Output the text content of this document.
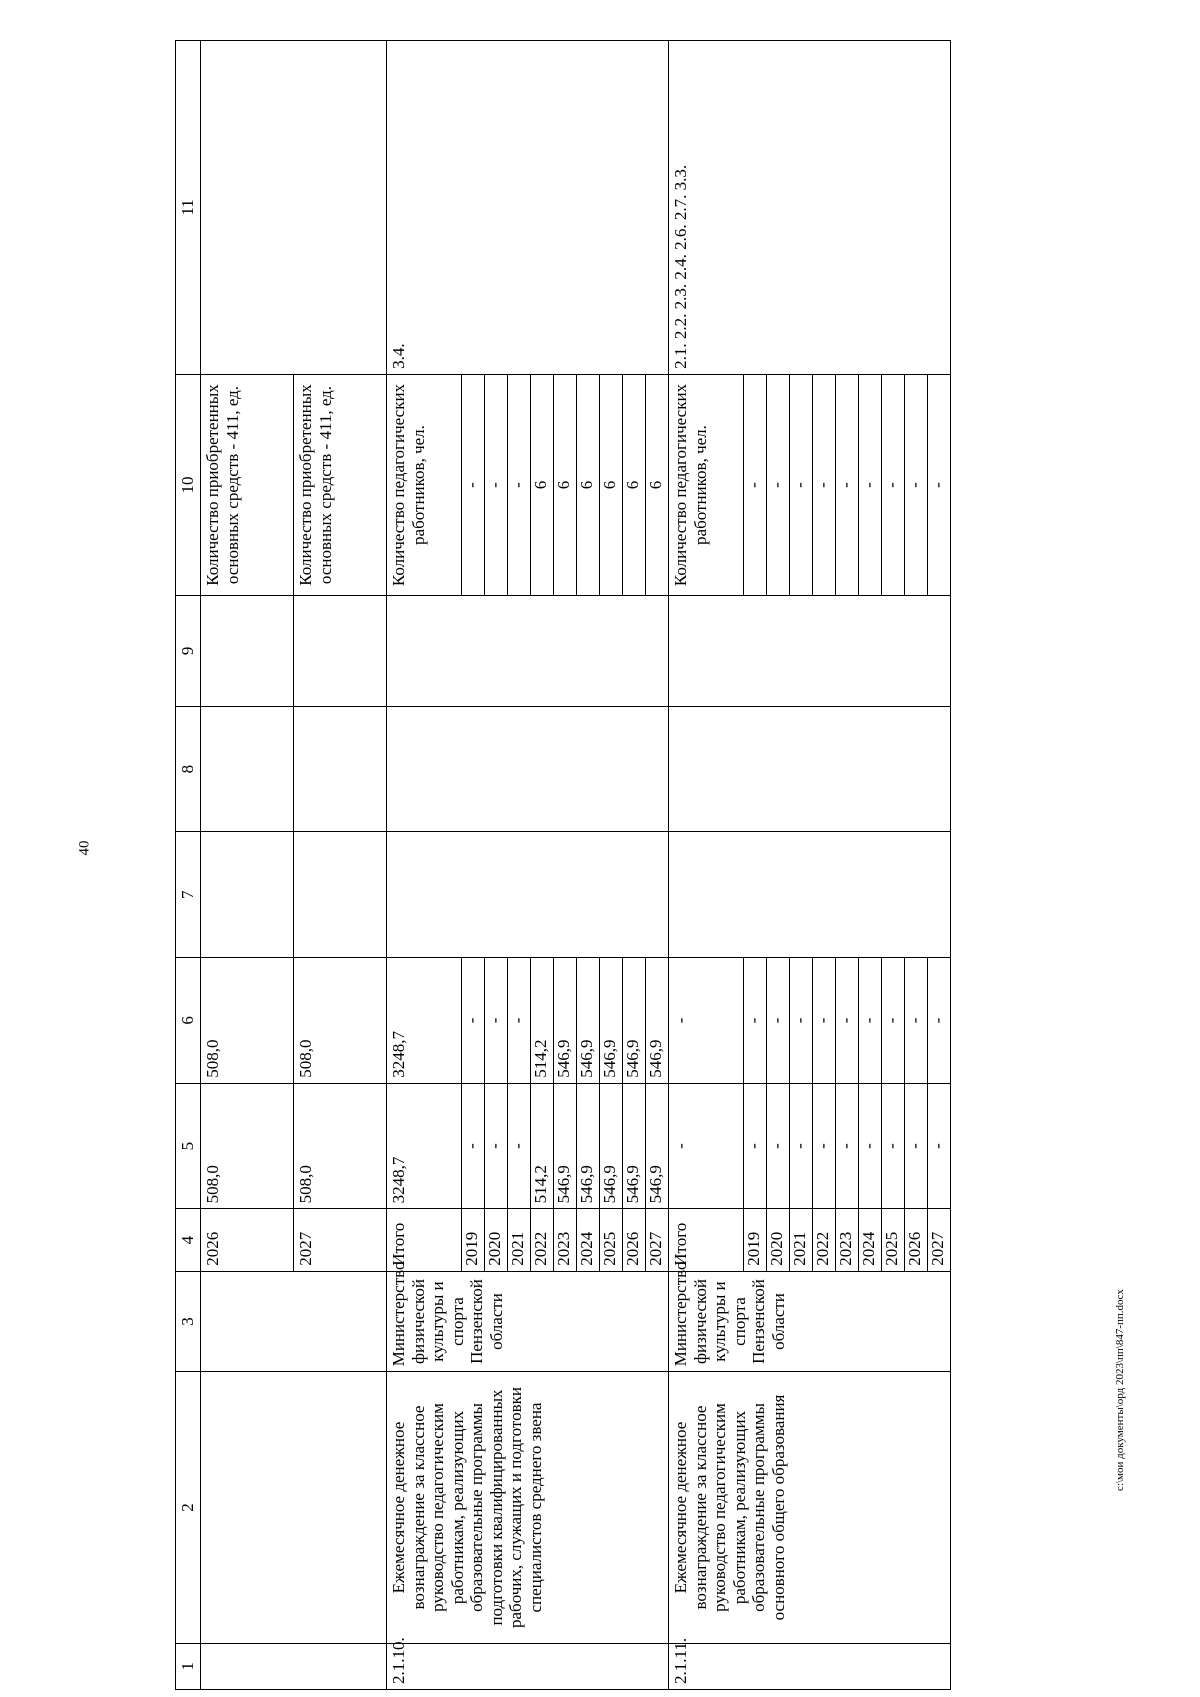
40
c:\мои документы\орд 2023\пп\847-пп.docx
1	2	3	4	5	6	7	8	9	10	11
			2026	508,0	508,0				Количество приобретенных основных средств - 411, ед.	
			2027	508,0	508,0				Количество приобретенных основных средств - 411, ед.	
2.1.10.	Ежемесячное денежное вознаграждение за классное руководство педагогическим работникам, реализующих образовательные программы подготовки квалифицированных рабочих, служащих и подготовки специалистов среднего звена	Министерство физической культуры и спорта Пензенской области	Итого	3248,7	3248,7				Количество педагогических работников, чел.	3.4.
			2019	-	-				-	
			2020	-	-				-	
			2021	-	-				-	
			2022	514,2	514,2				6	
			2023	546,9	546,9				6	
			2024	546,9	546,9				6	
			2025	546,9	546,9				6	
			2026	546,9	546,9				6	
			2027	546,9	546,9				6	
2.1.11.	Ежемесячное денежное вознаграждение за классное руководство педагогическим работникам, реализующих образовательные программы основного общего образования	Министерство физической культуры и спорта Пензенской области	Итого	-	-				Количество педагогических работников, чел.	2.1. 2.2. 2.3. 2.4. 2.6. 2.7. 3.3.
			2019	-	-				-	
			2020	-	-				-	
			2021	-	-				-	
			2022	-	-				-	
			2023	-	-				-	
			2024	-	-				-	
			2025	-	-				-	
			2026	-	-				-	
			2027	-	-				-	
